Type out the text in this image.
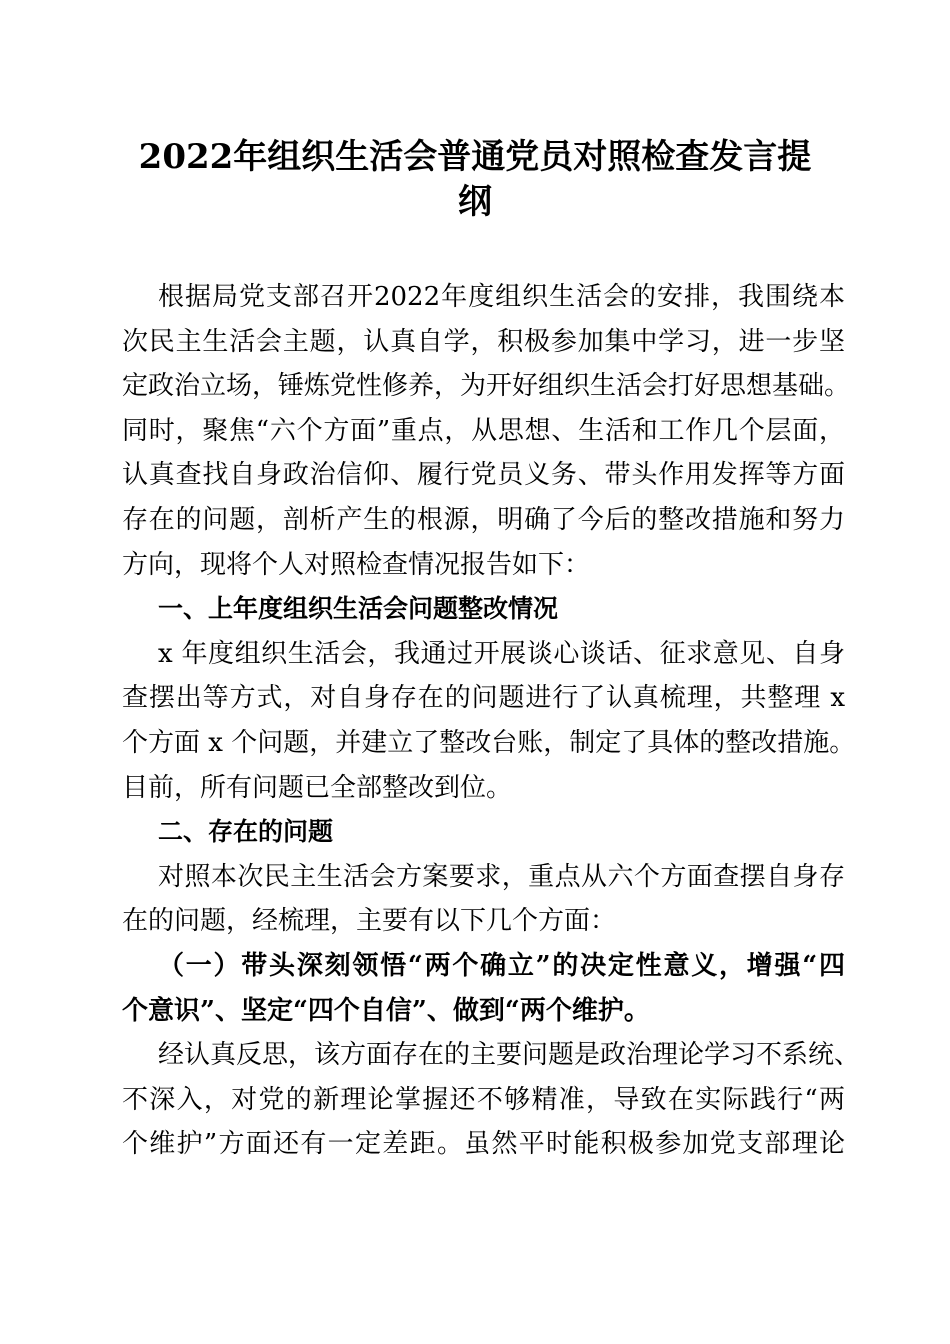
2022年组织生活会普通党员对照检查发言提
纲
根据局党支部召开2022年度组织生活会的安排，我围绕本
次民主生活会主题，认真自学，积极参加集中学习，进一步坚
定政治立场，锤炼党性修养，为开好组织生活会打好思想基础。
同时，聚焦“六个方面”重点，从思想、生活和工作几个层面，
认真查找自身政治信仰、履行党员义务、带头作用发挥等方面
存在的问题，剖析产生的根源，明确了今后的整改措施和努力
方向，现将个人对照检查情况报告如下：
一、上年度组织生活会问题整改情况
x 年度组织生活会，我通过开展谈心谈话、征求意见、自身
查摆出等方式，对自身存在的问题进行了认真梳理，共整理 x
个方面 x 个问题，并建立了整改台账，制定了具体的整改措施。
目前，所有问题已全部整改到位。
二、存在的问题
对照本次民主生活会方案要求，重点从六个方面查摆自身存
在的问题，经梳理，主要有以下几个方面：
（一）带头深刻领悟“两个确立”的决定性意义，增强“四
个意识”、坚定“四个自信”、做到“两个维护。
经认真反思，该方面存在的主要问题是政治理论学习不系统、
不深入，对党的新理论掌握还不够精准，导致在实际践行“两
个维护”方面还有一定差距。虽然平时能积极参加党支部理论
